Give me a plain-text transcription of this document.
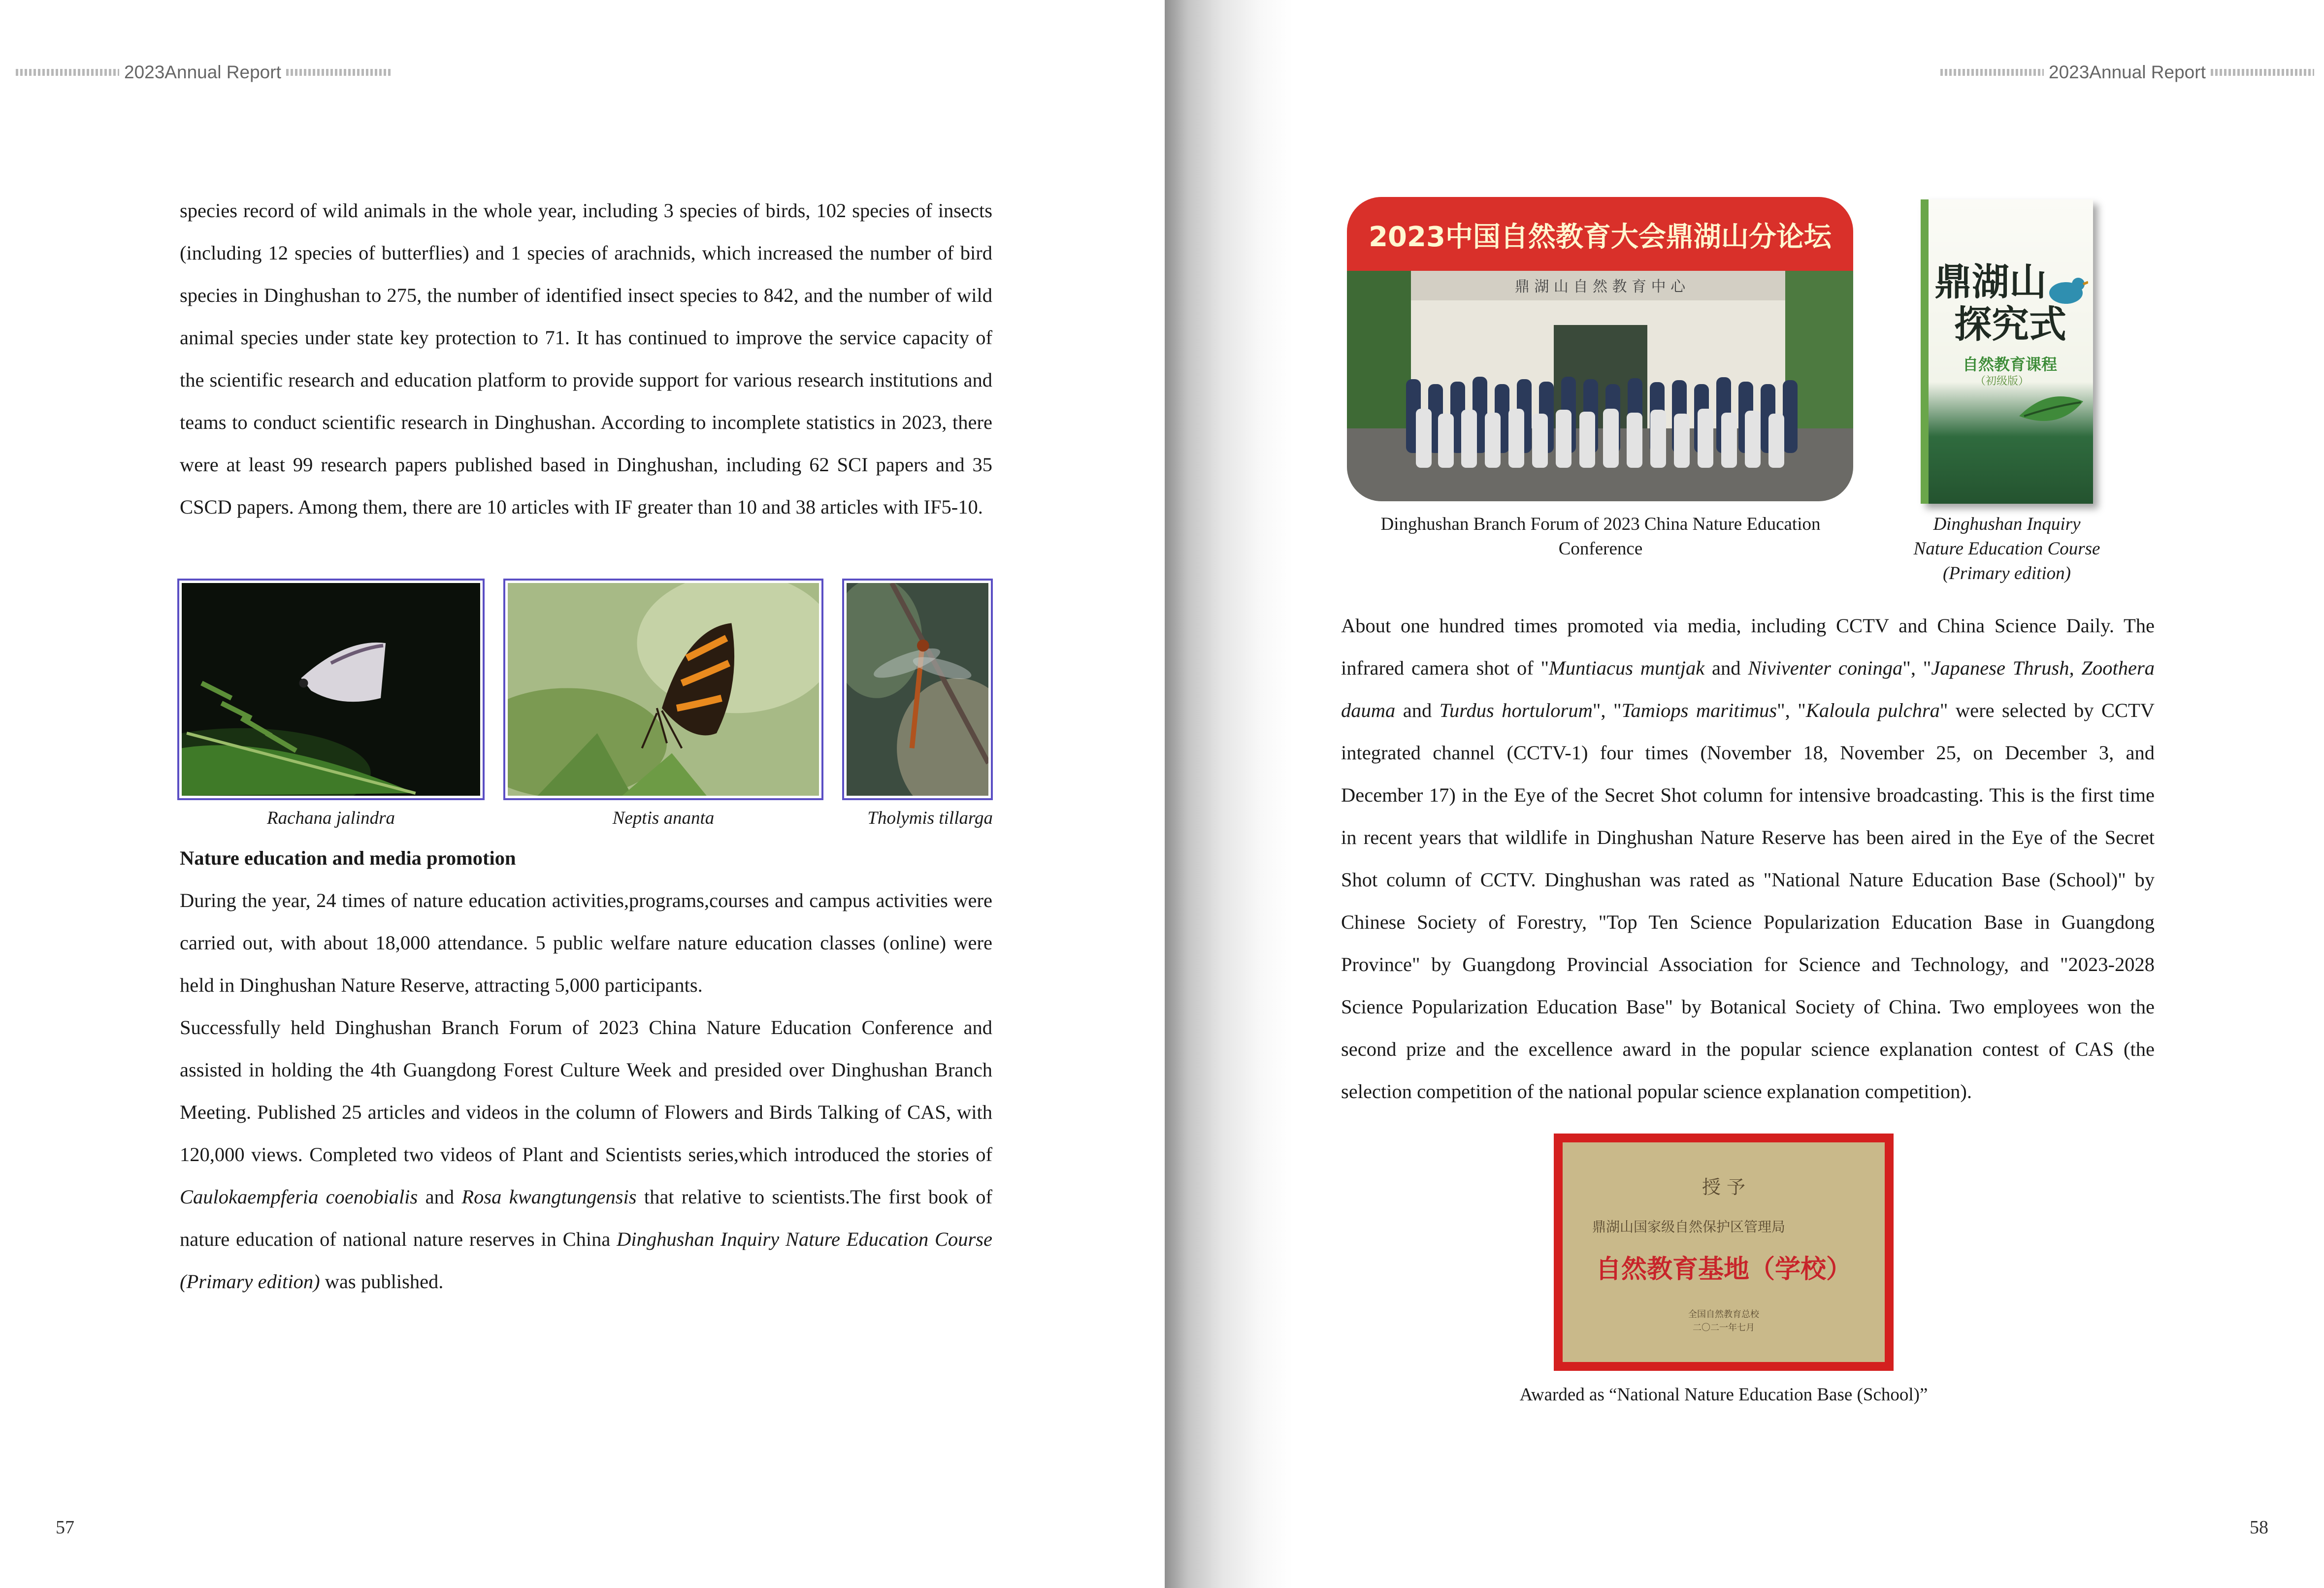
2023Annual Report

species record of wild animals in the whole year, including 3 species of birds, 102 species of insects (including 12 species of butterflies) and 1 species of arachnids, which increased the number of bird species in Dinghushan to 275, the number of identified insect species to 842, and the number of wild animal species under state key protection to 71. It has continued to improve the service capacity of the scientific research and education platform to provide support for various research institutions and teams to conduct scientific research in Dinghushan. According to incomplete statistics in 2023, there were at least 99 research papers published based in Dinghushan, including 62 SCI papers and 35 CSCD papers. Among them, there are 10 articles with IF greater than 10 and 38 articles with IF5-10.

Rachana jalindra	Neptis ananta	Tholymis tillarga

Nature education and media promotion

During the year, 24 times of nature education activities,programs,courses and campus activities were carried out, with about 18,000 attendance. 5 public welfare nature education classes (online) were held in Dinghushan Nature Reserve, attracting 5,000 participants.

Successfully held Dinghushan Branch Forum of 2023 China Nature Education Conference and assisted in holding the 4th Guangdong Forest Culture Week and presided over Dinghushan Branch Meeting. Published 25 articles and videos in the column of Flowers and Birds Talking of CAS, with 120,000 views. Completed two videos of Plant and Scientists series,which introduced the stories of Caulokaempferia coenobialis and Rosa kwangtungensis that relative to scientists.The first book of nature education of national nature reserves in China Dinghushan Inquiry Nature Education Course (Primary edition) was published.

57
2023Annual Report
2023中国自然教育大会鼎湖山分论坛
鼎 湖 山 自 然 教 育 中 心
Dinghushan Branch Forum of 2023 China Nature Education Conference
鼎湖山
探究式
自然教育课程
（初级版）
Dinghushan Inquiry Nature Education Course (Primary edition)

About one hundred times promoted via media, including CCTV and China Science Daily. The infrared camera shot of "Muntiacus muntjak and Niviventer coninga", "Japanese Thrush, Zoothera dauma and Turdus hortulorum", "Tamiops maritimus", "Kaloula pulchra" were selected by CCTV integrated channel (CCTV-1) four times (November 18, November 25, on December 3, and December 17) in the Eye of the Secret Shot column for intensive broadcasting. This is the first time in recent years that wildlife in Dinghushan Nature Reserve has been aired in the Eye of the Secret Shot column of CCTV. Dinghushan was rated as "National Nature Education Base (School)" by Chinese Society of Forestry, "Top Ten Science Popularization Education Base in Guangdong Province" by Guangdong Provincial Association for Science and Technology, and "2023-2028 Science Popularization Education Base" by Botanical Society of China. Two employees won the second prize and the excellence award in the popular science explanation contest of CAS (the selection competition of the national popular science explanation competition).

授 予
鼎湖山国家级自然保护区管理局
自然教育基地（学校）
全国自然教育总校
二〇二一年七月
Awarded as “National Nature Education Base (School)”
58
